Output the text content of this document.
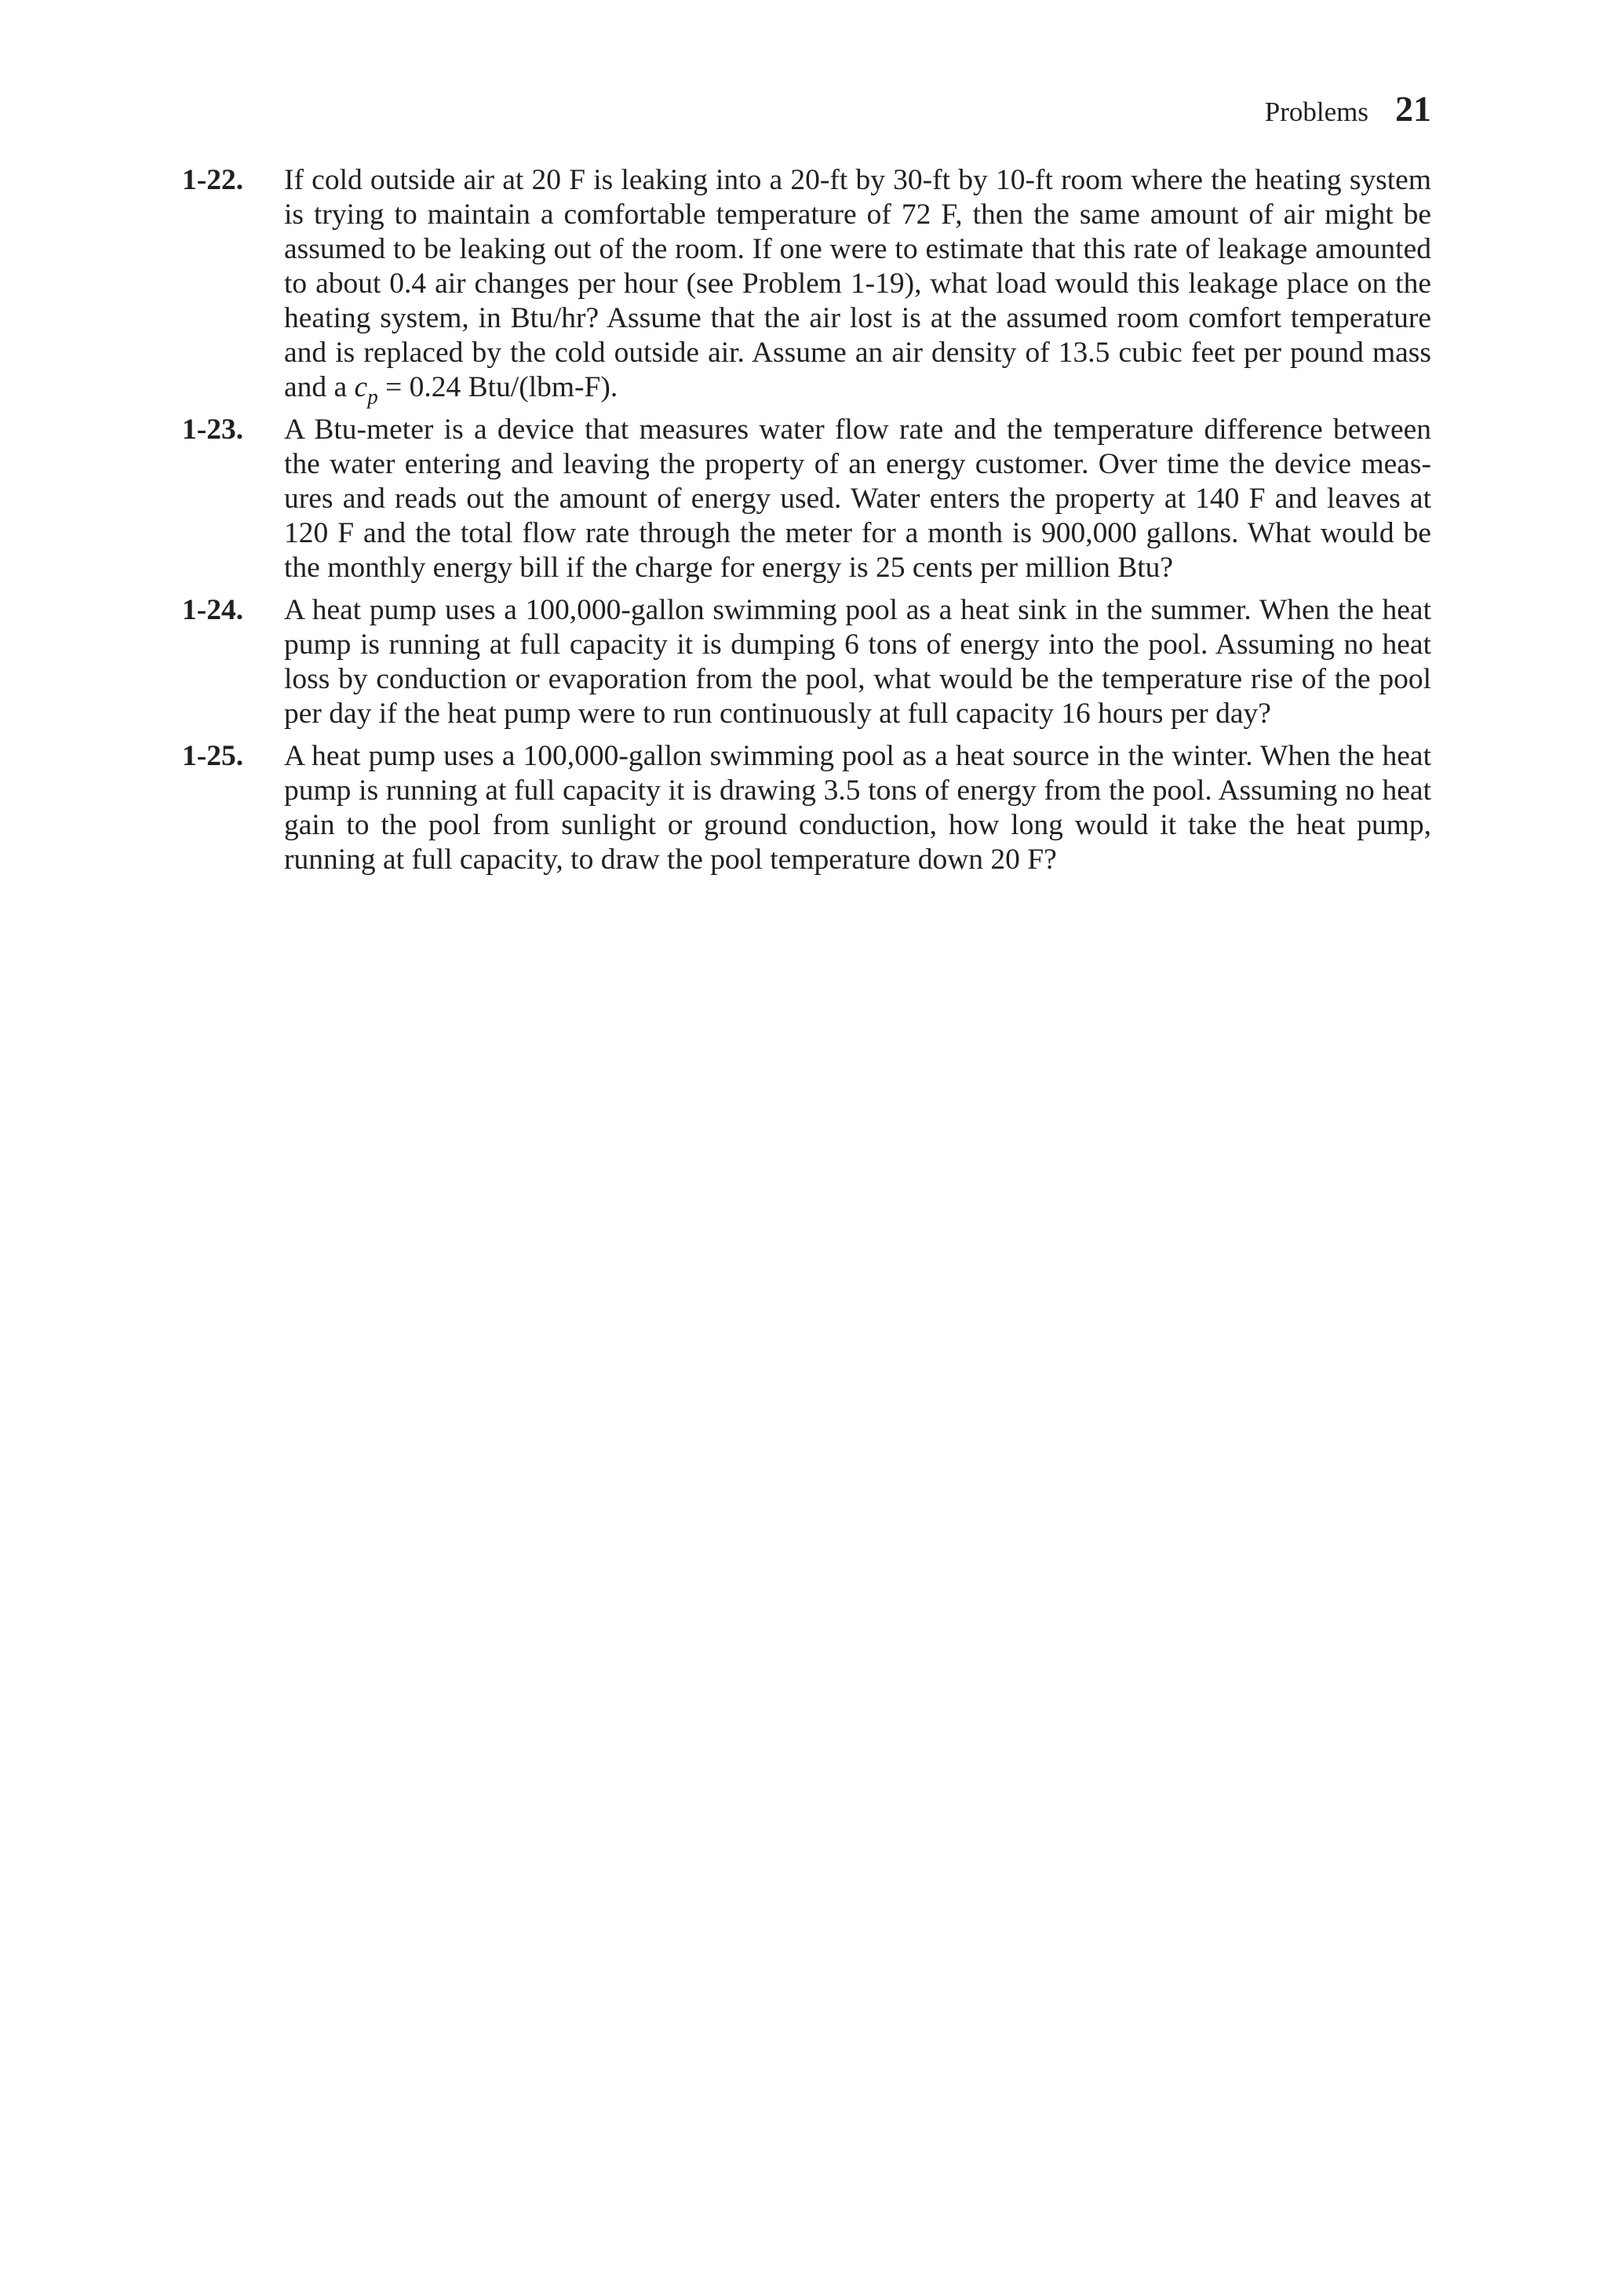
Problems 21
1-22. If cold outside air at 20 F is leaking into a 20-ft by 30-ft by 10-ft room where the heating system is trying to maintain a comfortable temperature of 72 F, then the same amount of air might be assumed to be leaking out of the room. If one were to estimate that this rate of leakage amounted to about 0.4 air changes per hour (see Problem 1-19), what load would this leakage place on the heating system, in Btu/hr? Assume that the air lost is at the assumed room comfort temperature and is replaced by the cold outside air. Assume an air density of 13.5 cubic feet per pound mass and a $c_p = 0.24$ Btu/(lbm-F).
1-23. A Btu-meter is a device that measures water flow rate and the temperature difference between the water entering and leaving the property of an energy customer. Over time the device measures and reads out the amount of energy used. Water enters the property at 140 F and leaves at 120 F and the total flow rate through the meter for a month is 900,000 gallons. What would be the monthly energy bill if the charge for energy is 25 cents per million Btu?
1-24. A heat pump uses a 100,000-gallon swimming pool as a heat sink in the summer. When the heat pump is running at full capacity it is dumping 6 tons of energy into the pool. Assuming no heat loss by conduction or evaporation from the pool, what would be the temperature rise of the pool per day if the heat pump were to run continuously at full capacity 16 hours per day?
1-25. A heat pump uses a 100,000-gallon swimming pool as a heat source in the winter. When the heat pump is running at full capacity it is drawing 3.5 tons of energy from the pool. Assuming no heat gain to the pool from sunlight or ground conduction, how long would it take the heat pump, running at full capacity, to draw the pool temperature down 20 F?
